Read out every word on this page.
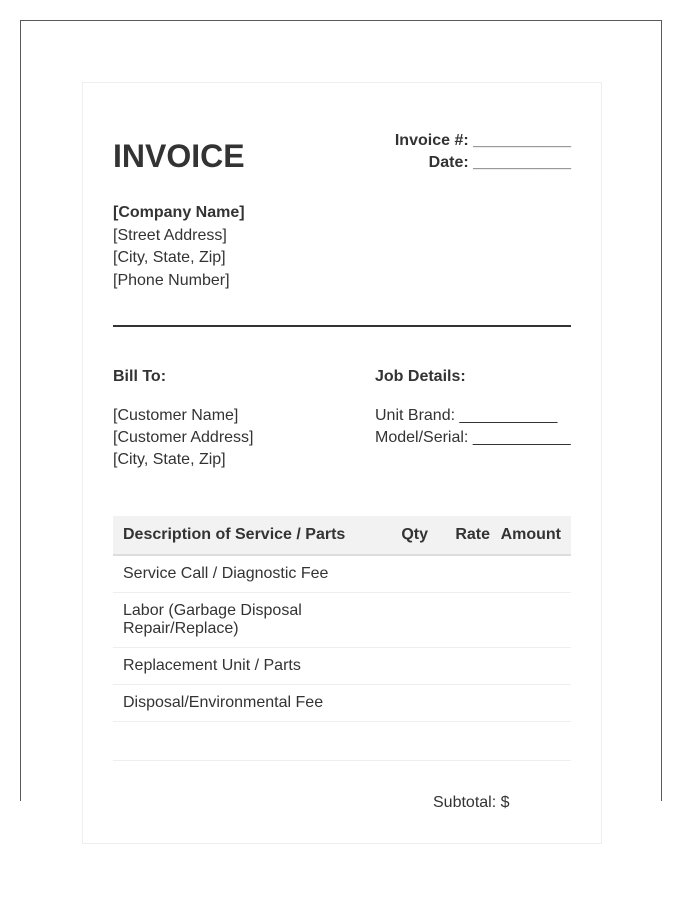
INVOICE	Invoice #: ___________
Date: ___________
[Company Name]
[Street Address]
[City, State, Zip]
[Phone Number]
Bill To:
[Customer Name]
[Customer Address]
[City, State, Zip]
Job Details:
Unit Brand: ___________
Model/Serial: ___________
Description of Service / Parts	Qty	Rate	Amount
Service Call / Diagnostic Fee			
Labor (Garbage Disposal Repair/Replace)			
Replacement Unit / Parts			
Disposal/Environmental Fee			

Subtotal: $
